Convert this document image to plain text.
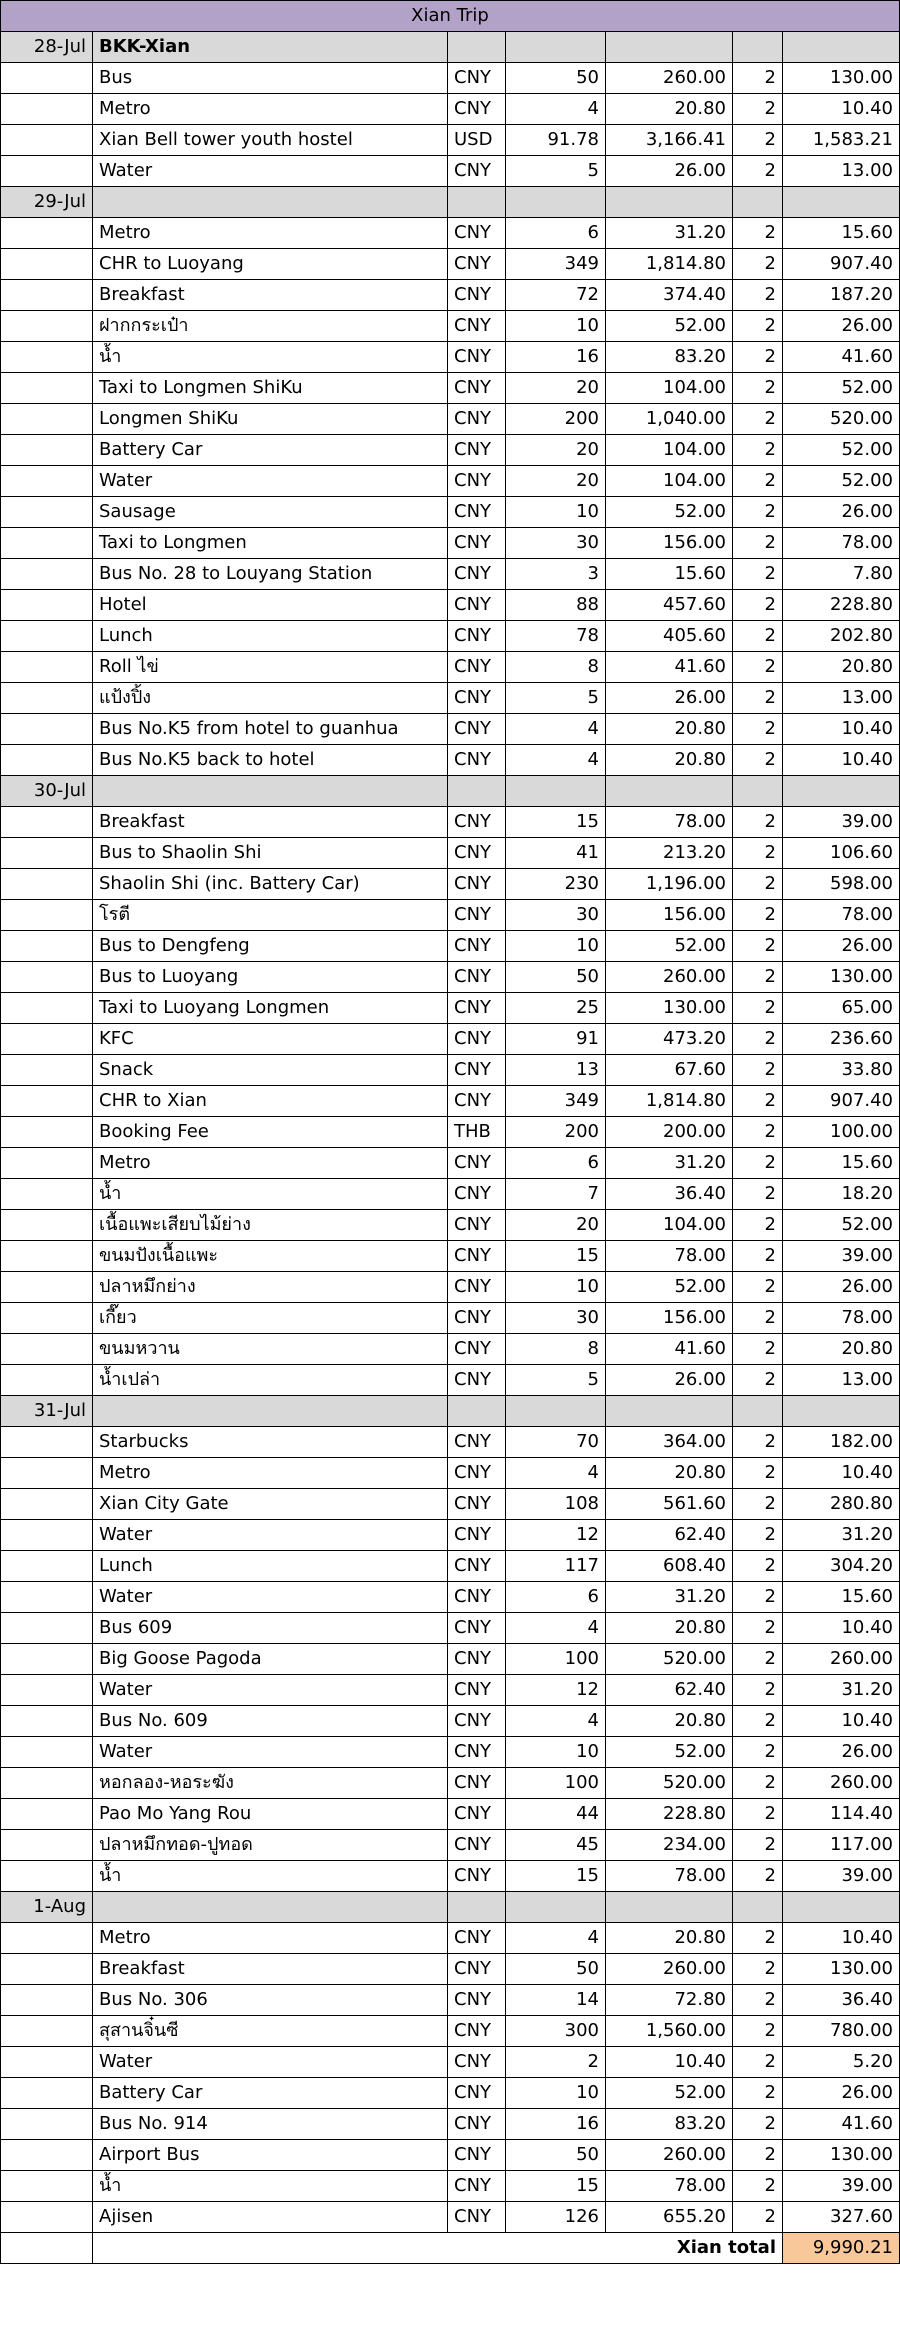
Xian Trip						
28-Jul	BKK-Xian					
	Bus	CNY	50	260.00	2	130.00
	Metro	CNY	4	20.80	2	10.40
	Xian Bell tower youth hostel	USD	91.78	3,166.41	2	1,583.21
	Water	CNY	5	26.00	2	13.00
29-Jul						
	Metro	CNY	6	31.20	2	15.60
	CHR to Luoyang	CNY	349	1,814.80	2	907.40
	Breakfast	CNY	72	374.40	2	187.20
	ฝากกระเป๋า	CNY	10	52.00	2	26.00
	น้ำ	CNY	16	83.20	2	41.60
	Taxi to Longmen ShiKu	CNY	20	104.00	2	52.00
	Longmen ShiKu	CNY	200	1,040.00	2	520.00
	Battery Car	CNY	20	104.00	2	52.00
	Water	CNY	20	104.00	2	52.00
	Sausage	CNY	10	52.00	2	26.00
	Taxi to Longmen	CNY	30	156.00	2	78.00
	Bus No. 28 to Louyang Station	CNY	3	15.60	2	7.80
	Hotel	CNY	88	457.60	2	228.80
	Lunch	CNY	78	405.60	2	202.80
	Roll ไข่	CNY	8	41.60	2	20.80
	แป้งปิ้ง	CNY	5	26.00	2	13.00
	Bus No.K5 from hotel to guanhua	CNY	4	20.80	2	10.40
	Bus No.K5 back to hotel	CNY	4	20.80	2	10.40
30-Jul						
	Breakfast	CNY	15	78.00	2	39.00
	Bus to Shaolin Shi	CNY	41	213.20	2	106.60
	Shaolin Shi (inc. Battery Car)	CNY	230	1,196.00	2	598.00
	โรตี	CNY	30	156.00	2	78.00
	Bus to Dengfeng	CNY	10	52.00	2	26.00
	Bus to Luoyang	CNY	50	260.00	2	130.00
	Taxi to Luoyang Longmen	CNY	25	130.00	2	65.00
	KFC	CNY	91	473.20	2	236.60
	Snack	CNY	13	67.60	2	33.80
	CHR to Xian	CNY	349	1,814.80	2	907.40
	Booking Fee	THB	200	200.00	2	100.00
	Metro	CNY	6	31.20	2	15.60
	น้ำ	CNY	7	36.40	2	18.20
	เนื้อแพะเสียบไม้ย่าง	CNY	20	104.00	2	52.00
	ขนมปังเนื้อแพะ	CNY	15	78.00	2	39.00
	ปลาหมึกย่าง	CNY	10	52.00	2	26.00
	เกี๊ยว	CNY	30	156.00	2	78.00
	ขนมหวาน	CNY	8	41.60	2	20.80
	น้ำเปล่า	CNY	5	26.00	2	13.00
31-Jul						
	Starbucks	CNY	70	364.00	2	182.00
	Metro	CNY	4	20.80	2	10.40
	Xian City Gate	CNY	108	561.60	2	280.80
	Water	CNY	12	62.40	2	31.20
	Lunch	CNY	117	608.40	2	304.20
	Water	CNY	6	31.20	2	15.60
	Bus 609	CNY	4	20.80	2	10.40
	Big Goose Pagoda	CNY	100	520.00	2	260.00
	Water	CNY	12	62.40	2	31.20
	Bus No. 609	CNY	4	20.80	2	10.40
	Water	CNY	10	52.00	2	26.00
	หอกลอง-หอระฆัง	CNY	100	520.00	2	260.00
	Pao Mo Yang Rou	CNY	44	228.80	2	114.40
	ปลาหมึกทอด-ปูทอด	CNY	45	234.00	2	117.00
	น้ำ	CNY	15	78.00	2	39.00
1-Aug						
	Metro	CNY	4	20.80	2	10.40
	Breakfast	CNY	50	260.00	2	130.00
	Bus No. 306	CNY	14	72.80	2	36.40
	สุสานจิ๋นซี	CNY	300	1,560.00	2	780.00
	Water	CNY	2	10.40	2	5.20
	Battery Car	CNY	10	52.00	2	26.00
	Bus No. 914	CNY	16	83.20	2	41.60
	Airport Bus	CNY	50	260.00	2	130.00
	น้ำ	CNY	15	78.00	2	39.00
	Ajisen	CNY	126	655.20	2	327.60
	Xian total					9,990.21
